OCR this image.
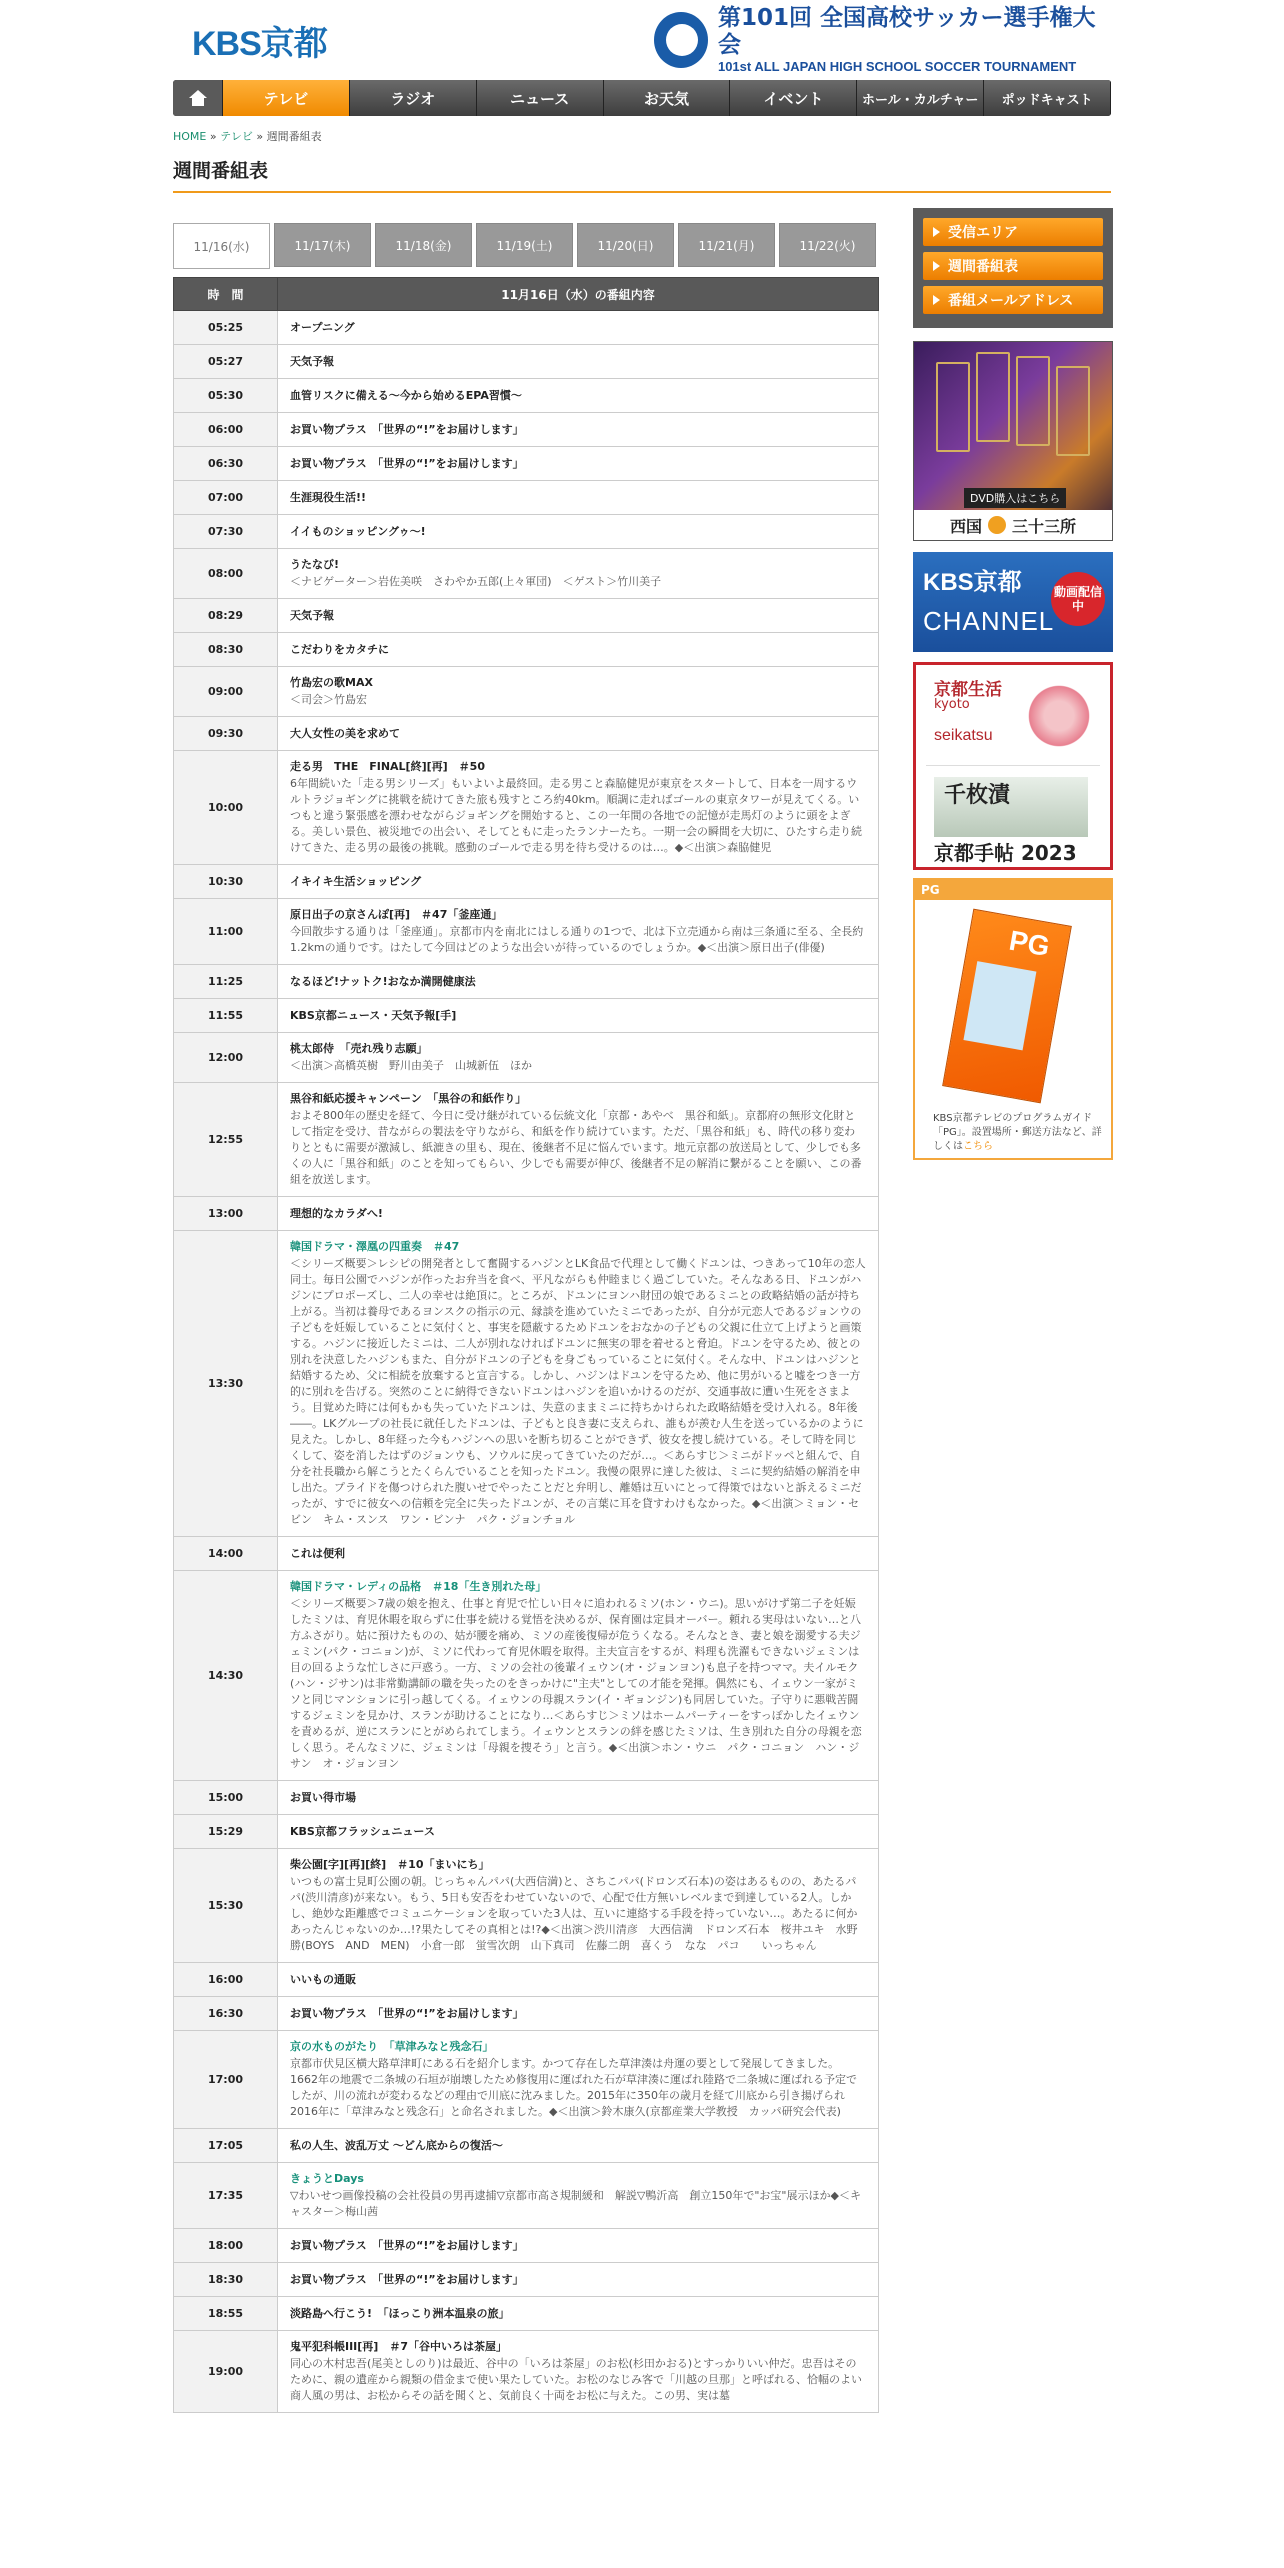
KBS京都
第101回 全国高校サッカー選手権大会
101st ALL JAPAN HIGH SCHOOL SOCCER TOURNAMENT
テレビ	ラジオ	ニュース	お天気	イベント	ホール・カルチャー	ポッドキャスト
HOME » テレビ » 週間番組表
週間番組表
11/16(水)	11/17(木)	11/18(金)	11/19(土)	11/20(日)	11/21(月)	11/22(火)
時　間	11月16日（水）の番組内容
05:25	オープニング

05:27	天気予報

05:30	血管リスクに備える～今から始めるEPA習慣～

06:00	お買い物プラス　「世界の“!”をお届けします」

06:30	お買い物プラス　「世界の“!”をお届けします」

07:00	生涯現役生活!!

07:30	イイものショッピングゥ～!

08:00	うたなび!
＜ナビゲーター＞岩佐美咲　さわやか五郎(上々軍団)　＜ゲスト＞竹川美子

08:29	天気予報

08:30	こだわりをカタチに

09:00	竹島宏の歌MAX
＜司会＞竹島宏

09:30	大人女性の美を求めて

10:00	走る男　THE　FINAL[終][再]　＃50
6年間続いた「走る男シリーズ」もいよいよ最終回。走る男こと森脇健児が東京をスタートして、日本を一周するウルトラジョギングに挑戦を続けてきた旅も残すところ約40km。順調に走ればゴールの東京タワーが見えてくる。いつもと違う緊張感を漂わせながらジョギングを開始すると、この一年間の各地での記憶が走馬灯のように頭をよぎる。美しい景色、被災地での出会い、そしてともに走ったランナーたち。一期一会の瞬間を大切に、ひたすら走り続けてきた、走る男の最後の挑戦。感動のゴールで走る男を待ち受けるのは…。◆＜出演＞森脇健児

10:30	イキイキ生活ショッピング

11:00	原日出子の京さんぽ[再]　＃47「釜座通」
今回散歩する通りは「釜座通」。京都市内を南北にはしる通りの1つで、北は下立売通から南は三条通に至る、全長約1.2kmの通りです。はたして今回はどのような出会いが待っているのでしょうか。◆＜出演＞原日出子(俳優)

11:25	なるほど!ナットク!おなか満開健康法

11:55	KBS京都ニュース・天気予報[手]

12:00	桃太郎侍　「売れ残り志願」
＜出演＞高橋英樹　野川由美子　山城新伍　ほか

12:55	黒谷和紙応援キャンペーン　「黒谷の和紙作り」
およそ800年の歴史を経て、今日に受け継がれている伝統文化「京都・あやべ　黒谷和紙」。京都府の無形文化財として指定を受け、昔ながらの製法を守りながら、和紙を作り続けています。ただ、「黒谷和紙」も、時代の移り変わりとともに需要が激減し、紙漉きの里も、現在、後継者不足に悩んでいます。地元京都の放送局として、少しでも多くの人に「黒谷和紙」のことを知ってもらい、少しでも需要が伸び、後継者不足の解消に繋がることを願い、この番組を放送します。

13:00	理想的なカラダへ!

13:30	韓国ドラマ・澤凰の四重奏　＃47
＜シリーズ概要＞レシピの開発者として奮闘するハジンとLK食品で代理として働くドユンは、つきあって10年の恋人同士。毎日公園でハジンが作ったお弁当を食べ、平凡ながらも仲睦まじく過ごしていた。そんなある日、ドユンがハジンにプロポーズし、二人の幸せは絶頂に。ところが、ドユンにヨンハ財団の娘であるミニとの政略結婚の話が持ち上がる。当初は養母であるヨンスクの指示の元、縁談を進めていたミニであったが、自分が元恋人であるジョンウの子どもを妊娠していることに気付くと、事実を隠蔽するためドユンをおなかの子どもの父親に仕立て上げようと画策する。ハジンに接近したミニは、二人が別れなければドユンに無実の罪を着せると脅迫。ドユンを守るため、彼との別れを決意したハジンもまた、自分がドユンの子どもを身ごもっていることに気付く。そんな中、ドユンはハジンと結婚するため、父に相続を放棄すると宣言する。しかし、ハジンはドユンを守るため、他に男がいると嘘をつき一方的に別れを告げる。突然のことに納得できないドユンはハジンを追いかけるのだが、交通事故に遭い生死をさまよう。目覚めた時には何もかも失っていたドユンは、失意のままミニに持ちかけられた政略結婚を受け入れる。8年後――。LKグループの社長に就任したドユンは、子どもと良き妻に支えられ、誰もが羨む人生を送っているかのように見えた。しかし、8年経った今もハジンへの思いを断ち切ることができず、彼女を捜し続けている。そして時を同じくして、姿を消したはずのジョンウも、ソウルに戻ってきていたのだが…。＜あらすじ＞ミニがドッペと組んで、自分を社長職から解こうとたくらんでいることを知ったドユン。我慢の限界に達した彼は、ミニに契約結婚の解消を申し出た。プライドを傷つけられた腹いせでやったことだと弁明し、離婚は互いにとって得策ではないと訴えるミニだったが、すでに彼女への信頼を完全に失ったドユンが、その言葉に耳を貸すわけもなかった。◆＜出演＞ミョン・セビン　キム・スンス　ワン・ビンナ　パク・ジョンチョル

14:00	これは便利

14:30	韓国ドラマ・レディの品格　＃18「生き別れた母」
＜シリーズ概要＞7歳の娘を抱え、仕事と育児で忙しい日々に追われるミソ(ホン・ウニ)。思いがけず第二子を妊娠したミソは、育児休暇を取らずに仕事を続ける覚悟を決めるが、保育園は定員オーバー。頼れる実母はいない…と八方ふさがり。姑に預けたものの、姑が腰を痛め、ミソの産後復帰が危うくなる。そんなとき、妻と娘を溺愛する夫ジェミン(パク・コニョン)が、ミソに代わって育児休暇を取得。主夫宣言をするが、料理も洗濯もできないジェミンは目の回るような忙しさに戸惑う。一方、ミソの会社の後輩イェウン(オ・ジョンヨン)も息子を持つママ。夫イルモク(ハン・ジサン)は非常勤講師の職を失ったのをきっかけに"主夫"としての才能を発揮。偶然にも、イェウン一家がミソと同じマンションに引っ越してくる。イェウンの母親スラン(イ・ギョンジン)も同居していた。子守りに悪戦苦闘するジェミンを見かけ、スランが助けることになり…＜あらすじ＞ミソはホームパーティーをすっぽかしたイェウンを責めるが、逆にスランにとがめられてしまう。イェウンとスランの絆を感じたミソは、生き別れた自分の母親を恋しく思う。そんなミソに、ジェミンは「母親を捜そう」と言う。◆＜出演＞ホン・ウニ　パク・コニョン　ハン・ジサン　オ・ジョンヨン

15:00	お買い得市場

15:29	KBS京都フラッシュニュース

15:30	柴公園[字][再][終]　＃10「まいにち」
いつもの富士見町公園の朝。じっちゃんパパ(大西信満)と、さちこパパ(ドロンズ石本)の姿はあるものの、あたるパパ(渋川清彦)が来ない。もう、5日も安否をわせていないので、心配で仕方無いレベルまで到達している2人。しかし、絶妙な距離感でコミュニケーションを取っていた3人は、互いに連絡する手段を持っていない…。あたるに何かあったんじゃないのか…!?果たしてその真相とは!?◆＜出演＞渋川清彦　大西信満　ドロンズ石本　桜井ユキ　水野勝(BOYS　AND　MEN)　小倉一郎　蛍雪次朗　山下真司　佐藤二朗　喜くう　なな　パコ　　いっちゃん

16:00	いいもの通販

16:30	お買い物プラス　「世界の“!”をお届けします」

17:00	京の水ものがたり　「草津みなと残念石」
京都市伏見区横大路草津町にある石を紹介します。かつて存在した草津湊は舟運の要として発展してきました。1662年の地震で二条城の石垣が崩壊したため修復用に運ばれた石が草津湊に運ばれ陸路で二条城に運ばれる予定でしたが、川の流れが変わるなどの理由で川底に沈みました。2015年に350年の歳月を経て川底から引き揚げられ2016年に「草津みなと残念石」と命名されました。◆＜出演＞鈴木康久(京都産業大学教授　カッパ研究会代表)

17:05	私の人生、波乱万丈 ～どん底からの復活～

17:35	きょうとDays
▽わいせつ画像投稿の会社役員の男再逮捕▽京都市高さ規制緩和　解説▽鴨沂高　創立150年で"お宝"展示ほか◆＜キャスター＞梅山茜

18:00	お買い物プラス　「世界の“!”をお届けします」

18:30	お買い物プラス　「世界の“!”をお届けします」

18:55	淡路島へ行こう!　「ほっこり洲本温泉の旅」

19:00	鬼平犯科帳III[再]　＃7「谷中いろは茶屋」
同心の木村忠吾(尾美としのり)は最近、谷中の「いろは茶屋」のお松(杉田かおる)とすっかりいい仲だ。忠吾はそのために、親の遺産から親類の借金まで使い果たしていた。お松のなじみ客で「川越の旦那」と呼ばれる、恰幅のよい商人風の男は、お松からその話を聞くと、気前良く十両をお松に与えた。この男、実は墓
受信エリア
週間番組表
番組メールアドレス
DVD購入はこちら
西国 三十三所
KBS京都
CHANNEL
動画配信中
京都生活
kyoto
seikatsu
千枚漬
京都手帖 2023
PG
PG
KBS京都テレビのプログラムガイド「PG」。設置場所・郵送方法など、詳しくはこちら
